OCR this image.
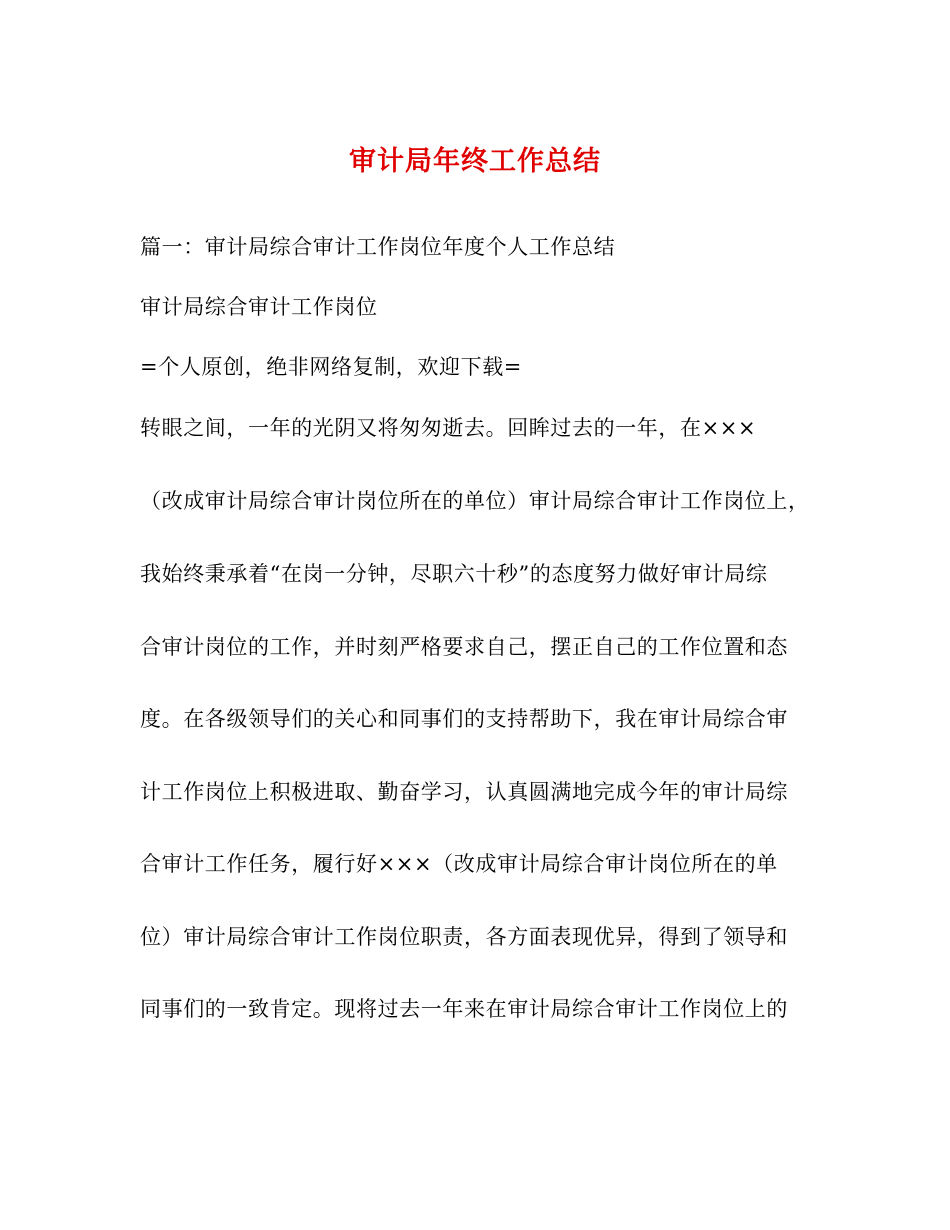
审计局年终工作总结
篇一：审计局综合审计工作岗位年度个人工作总结
审计局综合审计工作岗位
=个人原创，绝非网络复制，欢迎下载=
转眼之间，一年的光阴又将匆匆逝去。回眸过去的一年，在×××
（改成审计局综合审计岗位所在的单位）审计局综合审计工作岗位上，
我始终秉承着“在岗一分钟，尽职六十秒”的态度努力做好审计局综
合审计岗位的工作，并时刻严格要求自己，摆正自己的工作位置和态
度。在各级领导们的关心和同事们的支持帮助下，我在审计局综合审
计工作岗位上积极进取、勤奋学习，认真圆满地完成今年的审计局综
合审计工作任务，履行好×××（改成审计局综合审计岗位所在的单
位）审计局综合审计工作岗位职责，各方面表现优异，得到了领导和
同事们的一致肯定。现将过去一年来在审计局综合审计工作岗位上的
